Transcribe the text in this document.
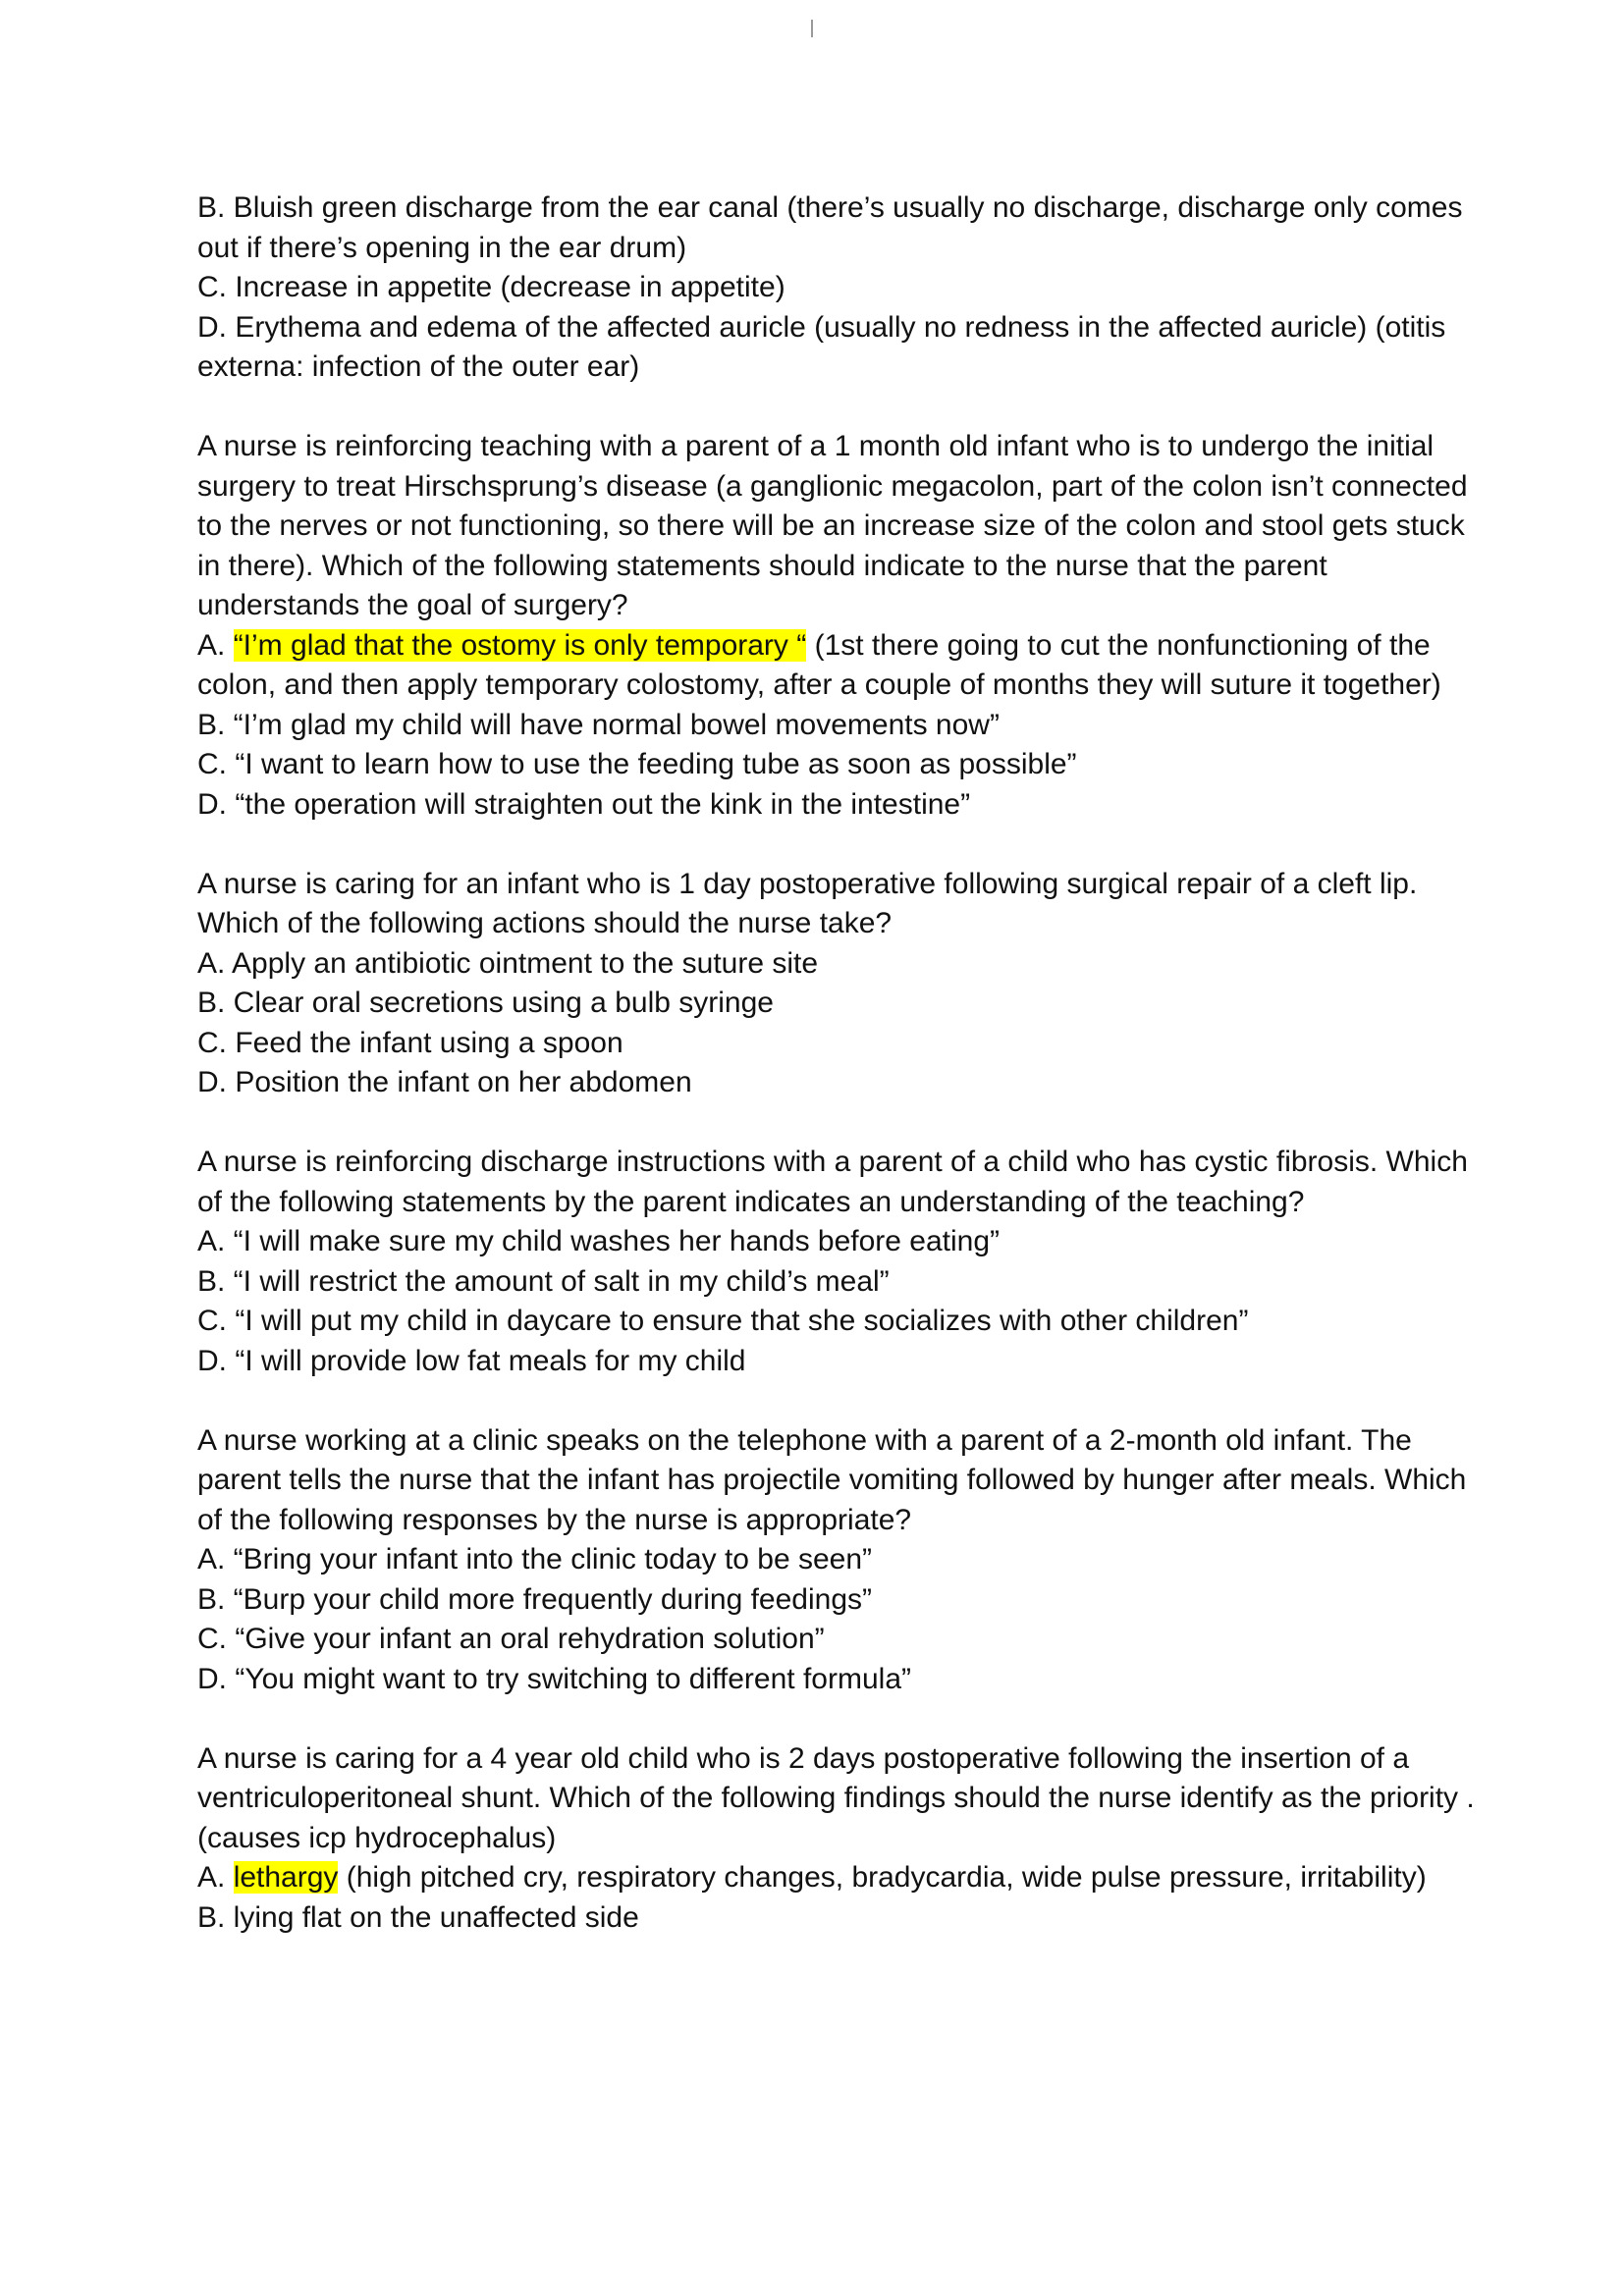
B. Bluish green discharge from the ear canal (there’s usually no discharge, discharge only comes out if there’s opening in the ear drum)

C. Increase in appetite (decrease in appetite)

D. Erythema and edema of the affected auricle (usually no redness in the affected auricle) (otitis externa: infection of the outer ear)

A nurse is reinforcing teaching with a parent of a 1 month old infant who is to undergo the initial surgery to treat Hirschsprung’s disease (a ganglionic megacolon, part of the colon isn’t connected to the nerves or not functioning, so there will be an increase size of the colon and stool gets stuck in there). Which of the following statements should indicate to the nurse that the parent understands the goal of surgery?

A. “I’m glad that the ostomy is only temporary “ (1st there going to cut the nonfunctioning of the colon, and then apply temporary colostomy, after a couple of months they will suture it together)

B. “I’m glad my child will have normal bowel movements now”

C. “I want to learn how to use the feeding tube as soon as possible”

D. “the operation will straighten out the kink in the intestine”

A nurse is caring for an infant who is 1 day postoperative following surgical repair of a cleft lip. Which of the following actions should the nurse take?

A. Apply an antibiotic ointment to the suture site

B. Clear oral secretions using a bulb syringe

C. Feed the infant using a spoon

D. Position the infant on her abdomen

A nurse is reinforcing discharge instructions with a parent of a child who has cystic fibrosis. Which of the following statements by the parent indicates an understanding of the teaching?

A. “I will make sure my child washes her hands before eating”

B. “I will restrict the amount of salt in my child’s meal”

C. “I will put my child in daycare to ensure that she socializes with other children”

D. “I will provide low fat meals for my child

A nurse working at a clinic speaks on the telephone with a parent of a 2-month old infant. The parent tells the nurse that the infant has projectile vomiting followed by hunger after meals. Which of the following responses by the nurse is appropriate?

A. “Bring your infant into the clinic today to be seen”

B. “Burp your child more frequently during feedings”

C. “Give your infant an oral rehydration solution”

D. “You might want to try switching to different formula”

A nurse is caring for a 4 year old child who is 2 days postoperative following the insertion of a ventriculoperitoneal shunt. Which of the following findings should the nurse identify as the priority . (causes icp hydrocephalus)

A. lethargy (high pitched cry, respiratory changes, bradycardia, wide pulse pressure, irritability)

B. lying flat on the unaffected side
